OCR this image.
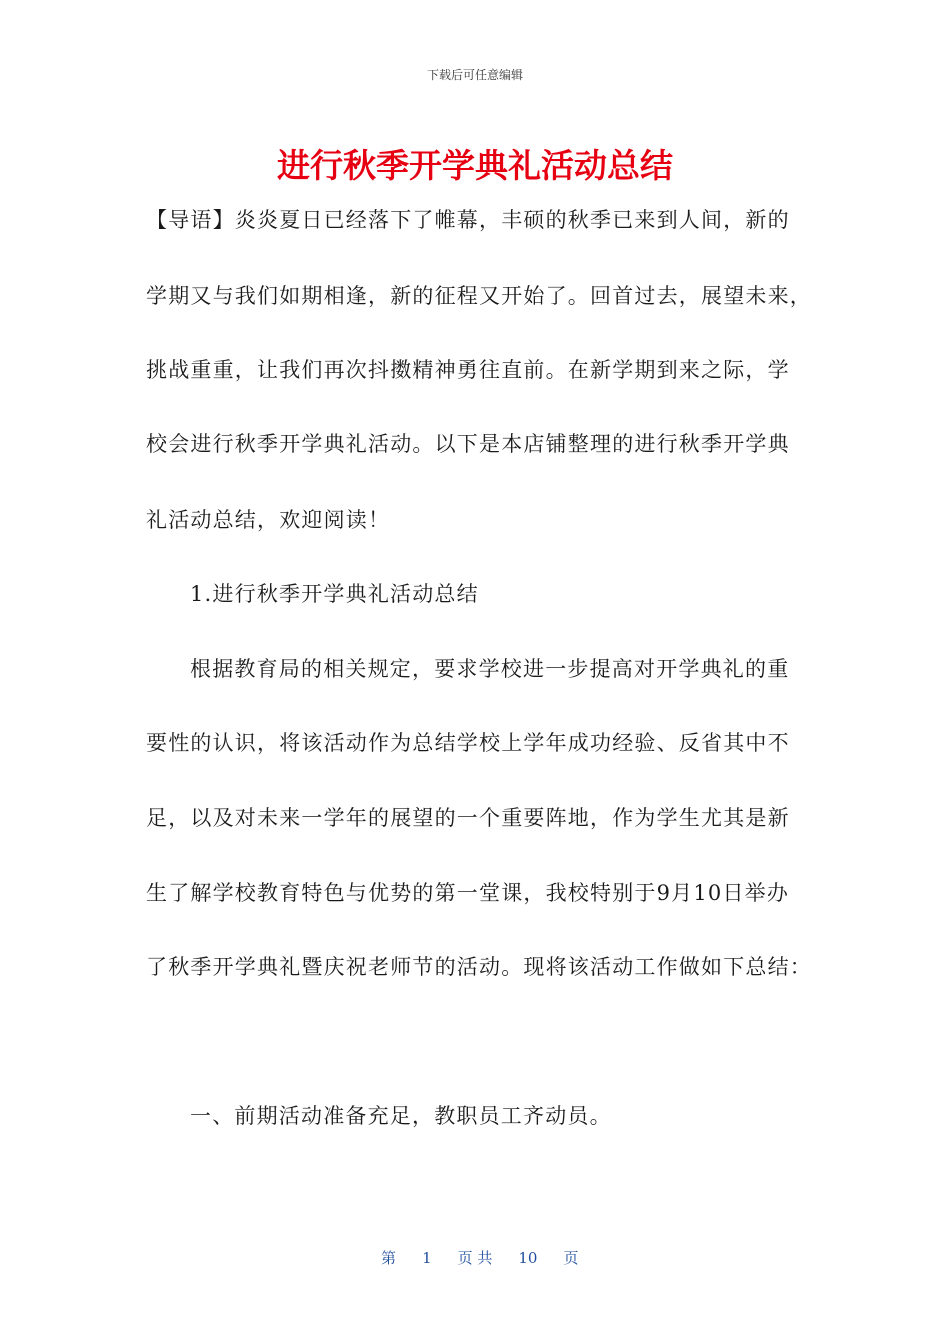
下载后可任意编辑
进行秋季开学典礼活动总结

【导语】炎炎夏日已经落下了帷幕，丰硕的秋季已来到人间，新的

学期又与我们如期相逢，新的征程又开始了。回首过去，展望未来，

挑战重重，让我们再次抖擞精神勇往直前。在新学期到来之际，学

校会进行秋季开学典礼活动。以下是本店铺整理的进行秋季开学典

礼活动总结，欢迎阅读！

1.进行秋季开学典礼活动总结

根据教育局的相关规定，要求学校进一步提高对开学典礼的重

要性的认识，将该活动作为总结学校上学年成功经验、反省其中不

足，以及对未来一学年的展望的一个重要阵地，作为学生尤其是新

生了解学校教育特色与优势的第一堂课，我校特别于9月10日举办

了秋季开学典礼暨庆祝老师节的活动。现将该活动工作做如下总结：

一、前期活动准备充足，教职员工齐动员。

第 1 页 共 10 页
